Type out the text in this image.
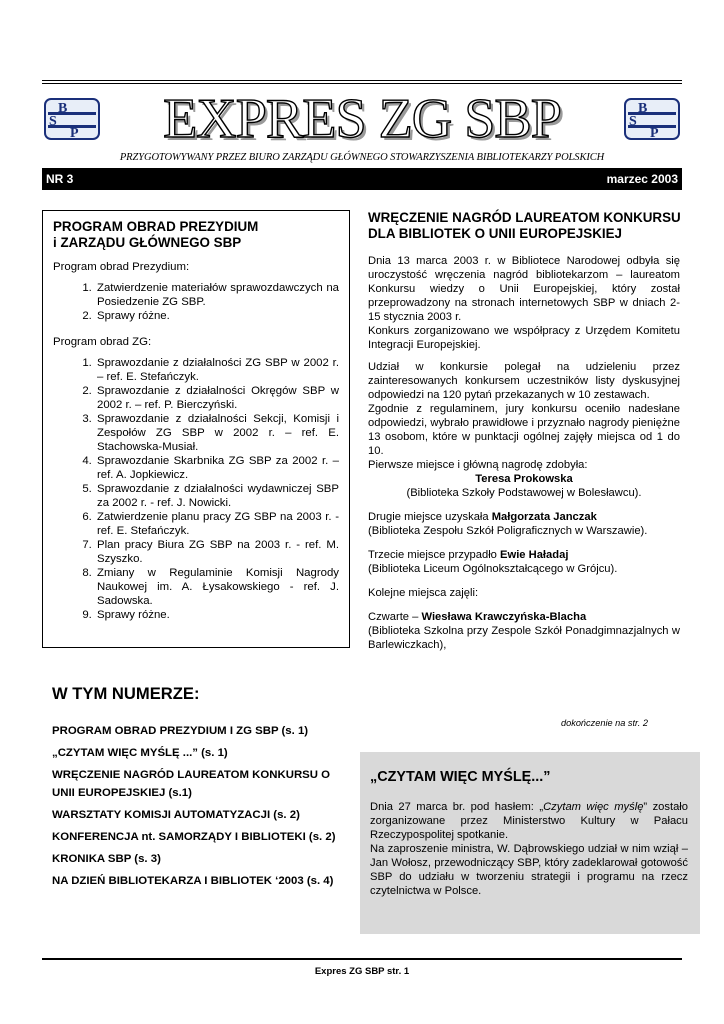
B
S
P	EXPRES ZG SBP	B
S
P
PRZYGOTOWYWANY PRZEZ BIURO ZARZĄDU GŁÓWNEGO STOWARZYSZENIA BIBLIOTEKARZY POLSKICH
NR 3	marzec 2003
PROGRAM OBRAD PREZYDIUM
i ZARZĄDU GŁÓWNEGO SBP

Program obrad Prezydium:

1. Zatwierdzenie materiałów sprawozdawczych na Posiedzenie ZG SBP.
2. Sprawy różne.

Program obrad ZG:

1. Sprawozdanie z działalności ZG SBP w 2002 r. – ref. E. Stefańczyk.
2. Sprawozdanie z działalności Okręgów SBP w 2002 r. – ref. P. Bierczyński.
3. Sprawozdanie z działalności Sekcji, Komisji i Zespołów ZG SBP w 2002 r. – ref. E. Stachowska-Musiał.
4. Sprawozdanie Skarbnika ZG SBP za 2002 r. – ref. A. Jopkiewicz.
5. Sprawozdanie z działalności wydawniczej SBP za 2002 r. - ref. J. Nowicki.
6. Zatwierdzenie planu pracy ZG SBP na 2003 r. - ref. E. Stefańczyk.
7. Plan pracy Biura ZG SBP na 2003 r. - ref. M. Szyszko.
8. Zmiany w Regulaminie Komisji Nagrody Naukowej im. A. Łysakowskiego - ref. J. Sadowska.
9. Sprawy różne.
W TYM NUMERZE:
PROGRAM OBRAD PREZYDIUM I ZG SBP (s. 1)
„CZYTAM WIĘC MYŚLĘ ...” (s. 1)
WRĘCZENIE NAGRÓD LAUREATOM KONKURSU O UNII EUROPEJSKIEJ (s.1)
WARSZTATY KOMISJI AUTOMATYZACJI (s. 2)
KONFERENCJA nt. SAMORZĄDY I BIBLIOTEKI (s. 2)
KRONIKA SBP (s. 3)
NA DZIEŃ BIBLIOTEKARZA I BIBLIOTEK ‘2003 (s. 4)
WRĘCZENIE NAGRÓD LAUREATOM KONKURSU DLA BIBLIOTEK O UNII EUROPEJSKIEJ

Dnia 13 marca 2003 r. w Bibliotece Narodowej odbyła się uroczystość wręczenia nagród bibliotekarzom – laureatom Konkursu wiedzy o Unii Europejskiej, który został przeprowadzony na stronach internetowych SBP w dniach 2-15 stycznia 2003 r.

Konkurs zorganizowano we współpracy z Urzędem Komitetu Integracji Europejskiej.

Udział w konkursie polegał na udzieleniu przez zainteresowanych konkursem uczestników listy dyskusyjnej odpowiedzi na 120 pytań przekazanych w 10 zestawach.

Zgodnie z regulaminem, jury konkursu oceniło nadesłane odpowiedzi, wybrało prawidłowe i przyznało nagrody pieniężne 13 osobom, które w punktacji ogólnej zajęły miejsca od 1 do 10.

Pierwsze miejsce i główną nagrodę zdobyła:

Teresa Prokowska

(Biblioteka Szkoły Podstawowej w Bolesławcu).

Drugie miejsce uzyskała Małgorzata Janczak

(Biblioteka Zespołu Szkół Poligraficznych w Warszawie).

Trzecie miejsce przypadło Ewie Haładaj

(Biblioteka Liceum Ogólnokształcącego w Grójcu).

Kolejne miejsca zajęli:

Czwarte – Wiesława Krawczyńska-Blacha

(Biblioteka Szkolna przy Zespole Szkół Ponadgimnazjalnych w Barlewiczkach),

dokończenie na str. 2
„CZYTAM WIĘC MYŚLĘ...”

Dnia 27 marca br. pod hasłem: „Czytam więc myślę” zostało zorganizowane przez Ministerstwo Kultury w Pałacu Rzeczypospolitej spotkanie.

Na zaproszenie ministra, W. Dąbrowskiego udział w nim wziął – Jan Wołosz, przewodniczący SBP, który zadeklarował gotowość SBP do udziału w tworzeniu strategii i programu na rzecz czytelnictwa w Polsce.

Expres ZG SBP str. 1
